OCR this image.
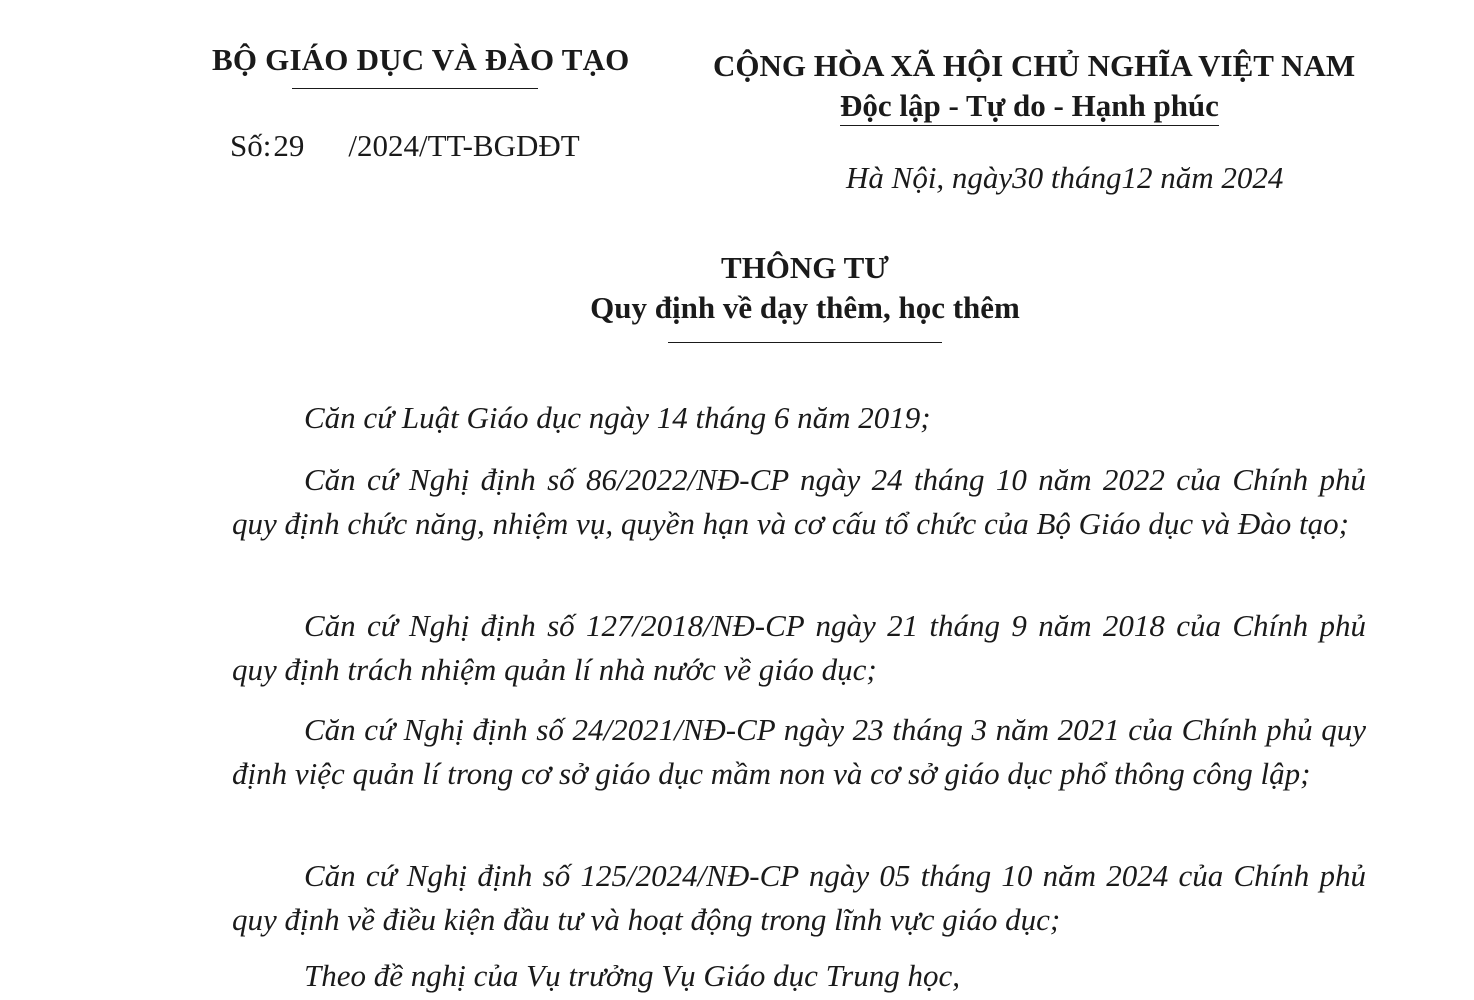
BỘ GIÁO DỤC VÀ ĐÀO TẠO
Số:29 /2024/TT-BGDĐT
CỘNG HÒA XÃ HỘI CHỦ NGHĨA VIỆT NAM
Độc lập - Tự do - Hạnh phúc
Hà Nội, ngày30 tháng12 năm 2024
THÔNG TƯ
Quy định về dạy thêm, học thêm
Căn cứ Luật Giáo dục ngày 14 tháng 6 năm 2019;
Căn cứ Nghị định số 86/2022/NĐ-CP ngày 24 tháng 10 năm 2022 của Chính phủ quy định chức năng, nhiệm vụ, quyền hạn và cơ cấu tổ chức của Bộ Giáo dục và Đào tạo;
Căn cứ Nghị định số 127/2018/NĐ-CP ngày 21 tháng 9 năm 2018 của Chính phủ quy định trách nhiệm quản lí nhà nước về giáo dục;
Căn cứ Nghị định số 24/2021/NĐ-CP ngày 23 tháng 3 năm 2021 của Chính phủ quy định việc quản lí trong cơ sở giáo dục mầm non và cơ sở giáo dục phổ thông công lập;
Căn cứ Nghị định số 125/2024/NĐ-CP ngày 05 tháng 10 năm 2024 của Chính phủ quy định về điều kiện đầu tư và hoạt động trong lĩnh vực giáo dục;
Theo đề nghị của Vụ trưởng Vụ Giáo dục Trung học,
